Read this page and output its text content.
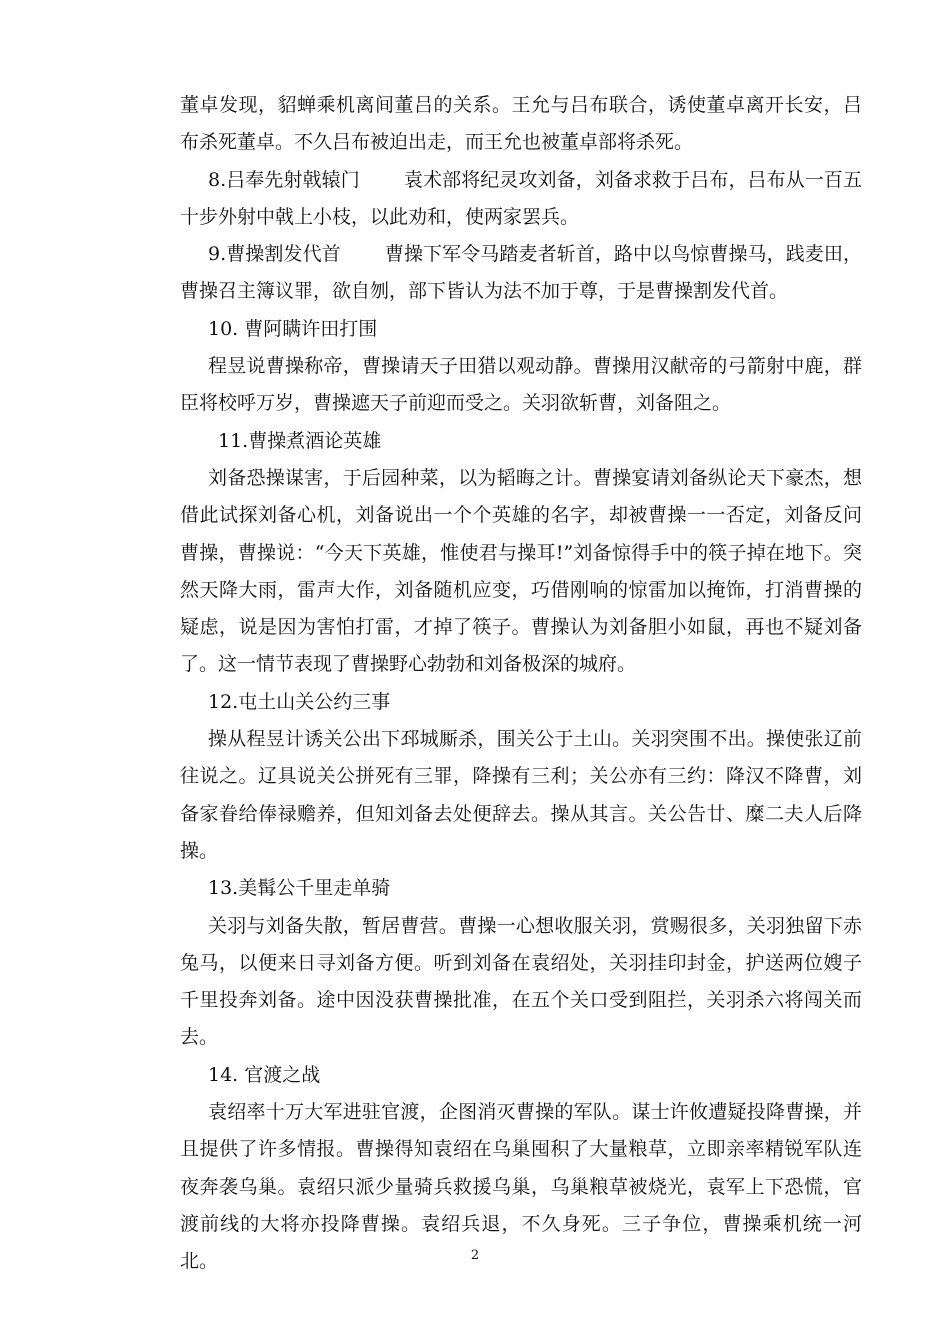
董卓发现，貂蝉乘机离间董吕的关系。王允与吕布联合，诱使董卓离开长安，吕布杀死董卓。不久吕布被迫出走，而王允也被董卓部将杀死。

8.吕奉先射戟辕门 袁术部将纪灵攻刘备，刘备求救于吕布，吕布从一百五十步外射中戟上小枝，以此劝和，使两家罢兵。

9.曹操割发代首 曹操下军令马踏麦者斩首，路中以鸟惊曹操马，践麦田，曹操召主簿议罪，欲自刎，部下皆认为法不加于尊，于是曹操割发代首。

10. 曹阿瞒许田打围

程昱说曹操称帝，曹操请天子田猎以观动静。曹操用汉献帝的弓箭射中鹿，群臣将校呼万岁，曹操遮天子前迎而受之。关羽欲斩曹，刘备阻之。

11.曹操煮酒论英雄

刘备恐操谋害，于后园种菜，以为韬晦之计。曹操宴请刘备纵论天下豪杰，想借此试探刘备心机，刘备说出一个个英雄的名字，却被曹操一一否定，刘备反问曹操，曹操说：“今天下英雄，惟使君与操耳!”刘备惊得手中的筷子掉在地下。突然天降大雨，雷声大作，刘备随机应变，巧借刚响的惊雷加以掩饰，打消曹操的疑虑，说是因为害怕打雷，才掉了筷子。曹操认为刘备胆小如鼠，再也不疑刘备了。这一情节表现了曹操野心勃勃和刘备极深的城府。

12.屯土山关公约三事

操从程昱计诱关公出下邳城厮杀，围关公于土山。关羽突围不出。操使张辽前往说之。辽具说关公拼死有三罪，降操有三利；关公亦有三约：降汉不降曹，刘备家眷给俸禄赡养，但知刘备去处便辞去。操从其言。关公告廿、糜二夫人后降操。

13.美髯公千里走单骑

关羽与刘备失散，暂居曹营。曹操一心想收服关羽，赏赐很多，关羽独留下赤兔马，以便来日寻刘备方便。听到刘备在袁绍处，关羽挂印封金，护送两位嫂子千里投奔刘备。途中因没获曹操批准，在五个关口受到阻拦，关羽杀六将闯关而去。

14. 官渡之战

袁绍率十万大军进驻官渡，企图消灭曹操的军队。谋士许攸遭疑投降曹操，并且提供了许多情报。曹操得知袁绍在乌巢囤积了大量粮草，立即亲率精锐军队连夜奔袭乌巢。袁绍只派少量骑兵救援乌巢，乌巢粮草被烧光，袁军上下恐慌，官渡前线的大将亦投降曹操。袁绍兵退，不久身死。三子争位，曹操乘机统一河北。	2
